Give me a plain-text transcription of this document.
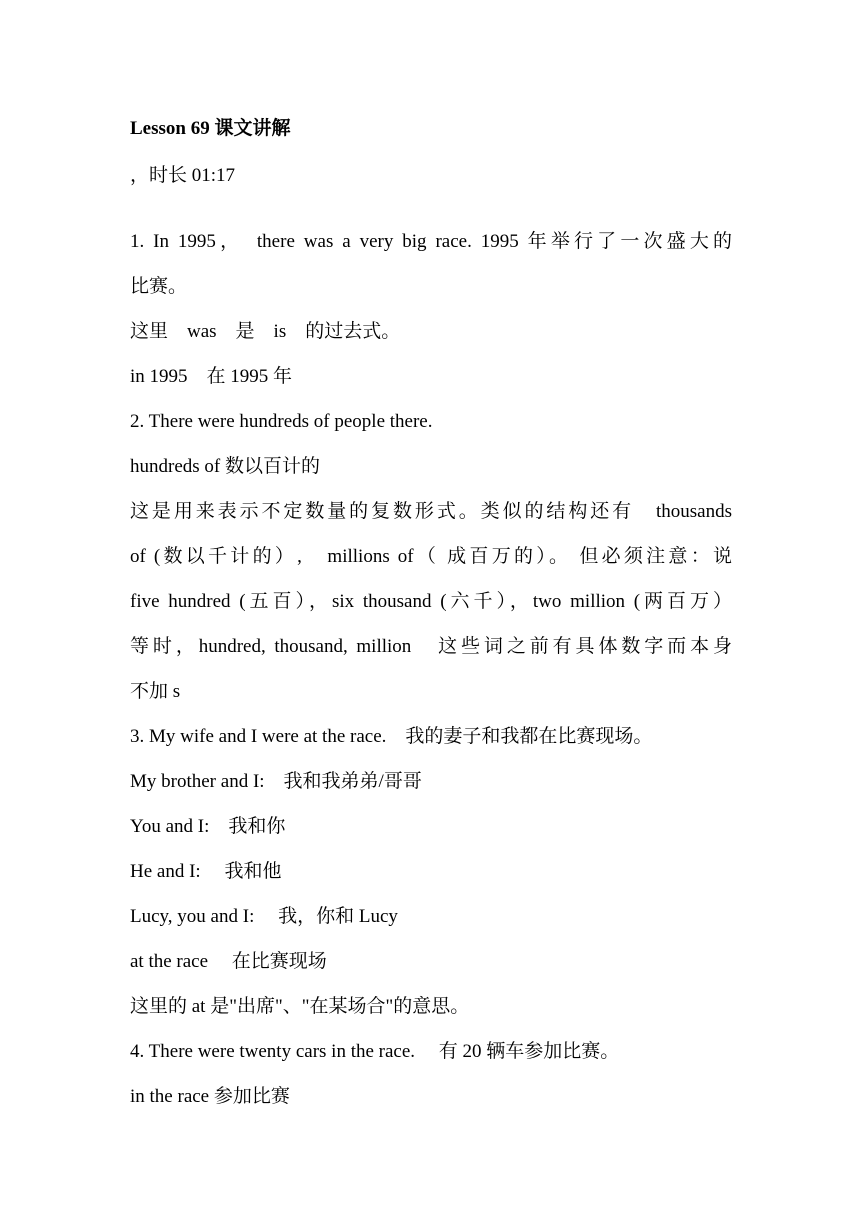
Lesson 69 课文讲解
，时长 01:17
1. In 1995，　there was a very big race. 1995 年举行了一次盛大的
比赛。
这里　was　是　is　的过去式。
in 1995　在 1995 年
2. There were hundreds of people there.
hundreds of 数以百计的
这是用来表示不定数量的复数形式。类似的结构还有　thousands
of (数以千计的）,　millions of（ 成百万的）。 但必须注意：说
five hundred (五百），six thousand (六千），two million (两百万）
等时，hundred, thousand, million　这些词之前有具体数字而本身
不加 s
3. My wife and I were at the race.　我的妻子和我都在比赛现场。
My brother and I:　我和我弟弟/哥哥
You and I:　我和你
He and I:　 我和他
Lucy, you and I:　 我，你和 Lucy
at the race　 在比赛现场
这里的 at 是"出席"、"在某场合"的意思。
4. There were twenty cars in the race.　 有 20 辆车参加比赛。
in the race 参加比赛
